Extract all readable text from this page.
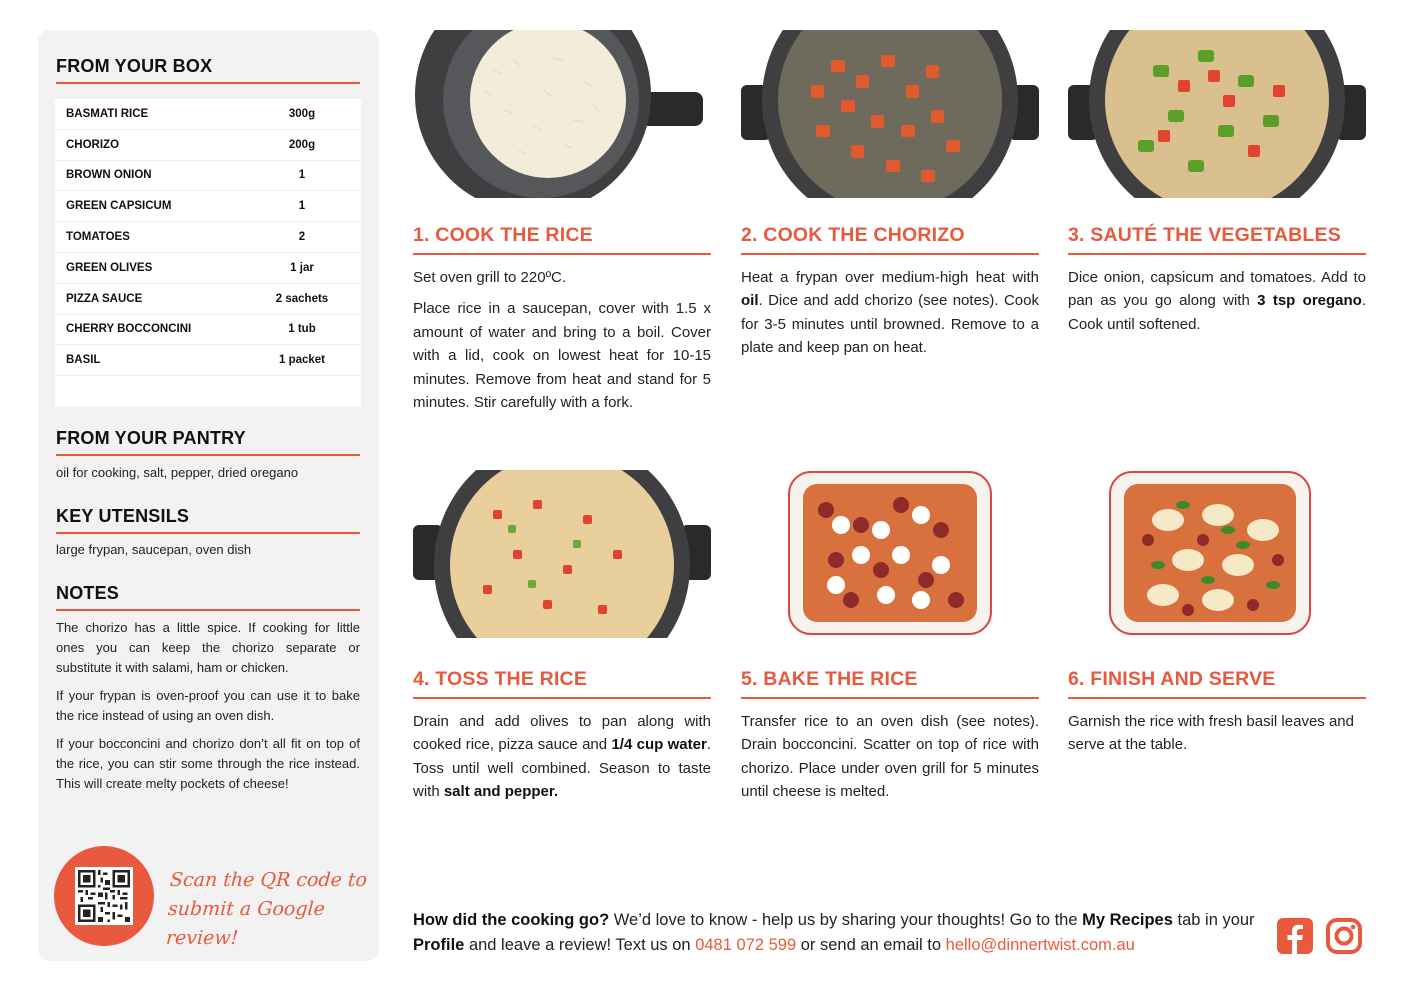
FROM YOUR BOX
BASMATI RICE	300g
CHORIZO	200g
BROWN ONION	1
GREEN CAPSICUM	1
TOMATOES	2
GREEN OLIVES	1 jar
PIZZA SAUCE	2 sachets
CHERRY BOCCONCINI	1 tub
BASIL	1 packet
FROM YOUR PANTRY
oil for cooking, salt, pepper, dried oregano
KEY UTENSILS
large frypan, saucepan, oven dish
NOTES

The chorizo has a little spice. If cooking for little ones you can keep the chorizo separate or substitute it with salami, ham or chicken.

If your frypan is oven-proof you can use it to bake the rice instead of using an oven dish.

If your bocconcini and chorizo don’t all fit on top of the rice, you can stir some through the rice instead. This will create melty pockets of cheese!

Scan the QR code to
submit a Google review!
1. COOK THE RICE

Set oven grill to 220ºC.

Place rice in a saucepan, cover with 1.5 x amount of water and bring to a boil. Cover with a lid, cook on lowest heat for 10-15 minutes. Remove from heat and stand for 5 minutes. Stir carefully with a fork.

2. COOK THE CHORIZO

Heat a frypan over medium-high heat with oil. Dice and add chorizo (see notes). Cook for 3-5 minutes until browned. Remove to a plate and keep pan on heat.

3. SAUTÉ THE VEGETABLES

Dice onion, capsicum and tomatoes. Add to pan as you go along with 3 tsp oregano. Cook until softened.

4. TOSS THE RICE

Drain and add olives to pan along with cooked rice, pizza sauce and 1/4 cup water. Toss until well combined. Season to taste with salt and pepper.

5. BAKE THE RICE

Transfer rice to an oven dish (see notes). Drain bocconcini. Scatter on top of rice with chorizo. Place under oven grill for 5 minutes until cheese is melted.

6. FINISH AND SERVE

Garnish the rice with fresh basil leaves and serve at the table.

How did the cooking go? We’d love to know - help us by sharing your thoughts! Go to the My Recipes tab in your Profile and leave a review! Text us on 0481 072 599 or send an email to hello@dinnertwist.com.au
